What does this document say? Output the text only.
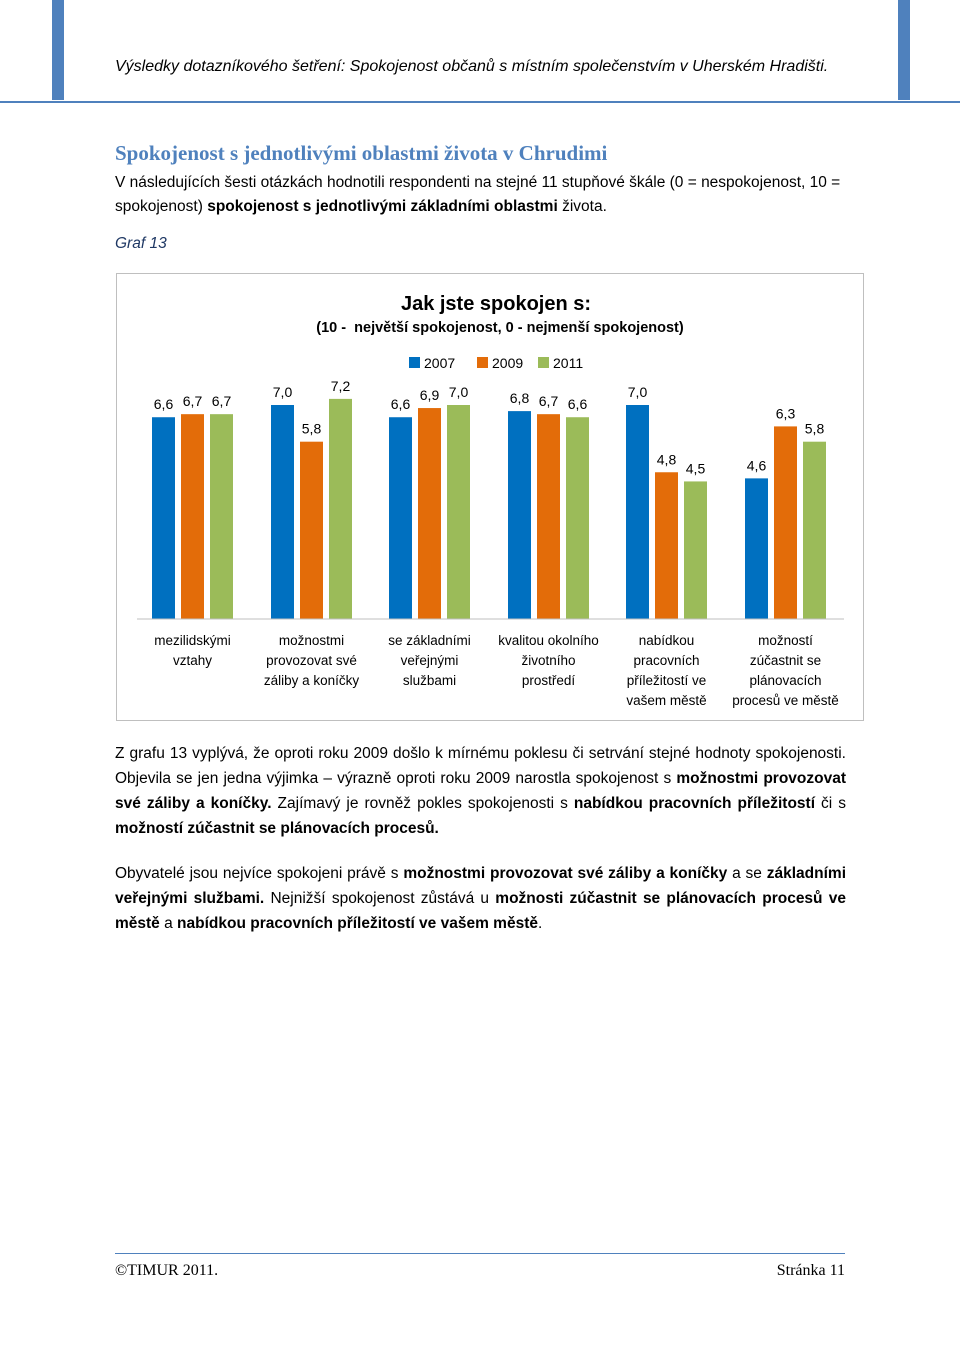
Výsledky dotazníkového šetření: Spokojenost občanů s místním společenstvím v Uherském Hradišti.
Spokojenost s jednotlivými oblastmi života v Chrudimi
V následujících šesti otázkách hodnotili respondenti na stejné 11 stupňové škále (0 = nespokojenost, 10 = spokojenost) spokojenost s jednotlivými základními oblastmi života.
Graf 13
Jak jste spokojen s:
(10 -  největší spokojenost, 0 - nejmenší spokojenost)
2007	2009 2011
6,6 6,7 6,7
7,0
5,8
7,2
6,6
6,9 7,0	6,8 6,7 6,6
7,0
4,8
4,5	4,6
6,3
5,8
mezilidskými vztahy
možnostmi provozovat své záliby a koníčky
se základními veřejnými službami
kvalitou okolního životního prostředí
nabídkou pracovních příležitostí ve vašem městě
možností zúčastnit se plánovacích procesů ve městě
Z grafu 13 vyplývá, že oproti roku 2009 došlo k mírnému poklesu či setrvání stejné hodnoty spokojenosti. Objevila se jen jedna výjimka – výrazně oproti roku 2009 narostla spokojenost s možnostmi provozovat své záliby a koníčky. Zajímavý je rovněž pokles spokojenosti s nabídkou pracovních příležitostí či s možností zúčastnit se plánovacích procesů.
Obyvatelé jsou nejvíce spokojeni právě s možnostmi provozovat své záliby a koníčky a se základními veřejnými službami. Nejnižší spokojenost zůstává u možnosti zúčastnit se plánovacích procesů ve městě a nabídkou pracovních příležitostí ve vašem městě.
©TIMUR 2011.	Stránka 11
